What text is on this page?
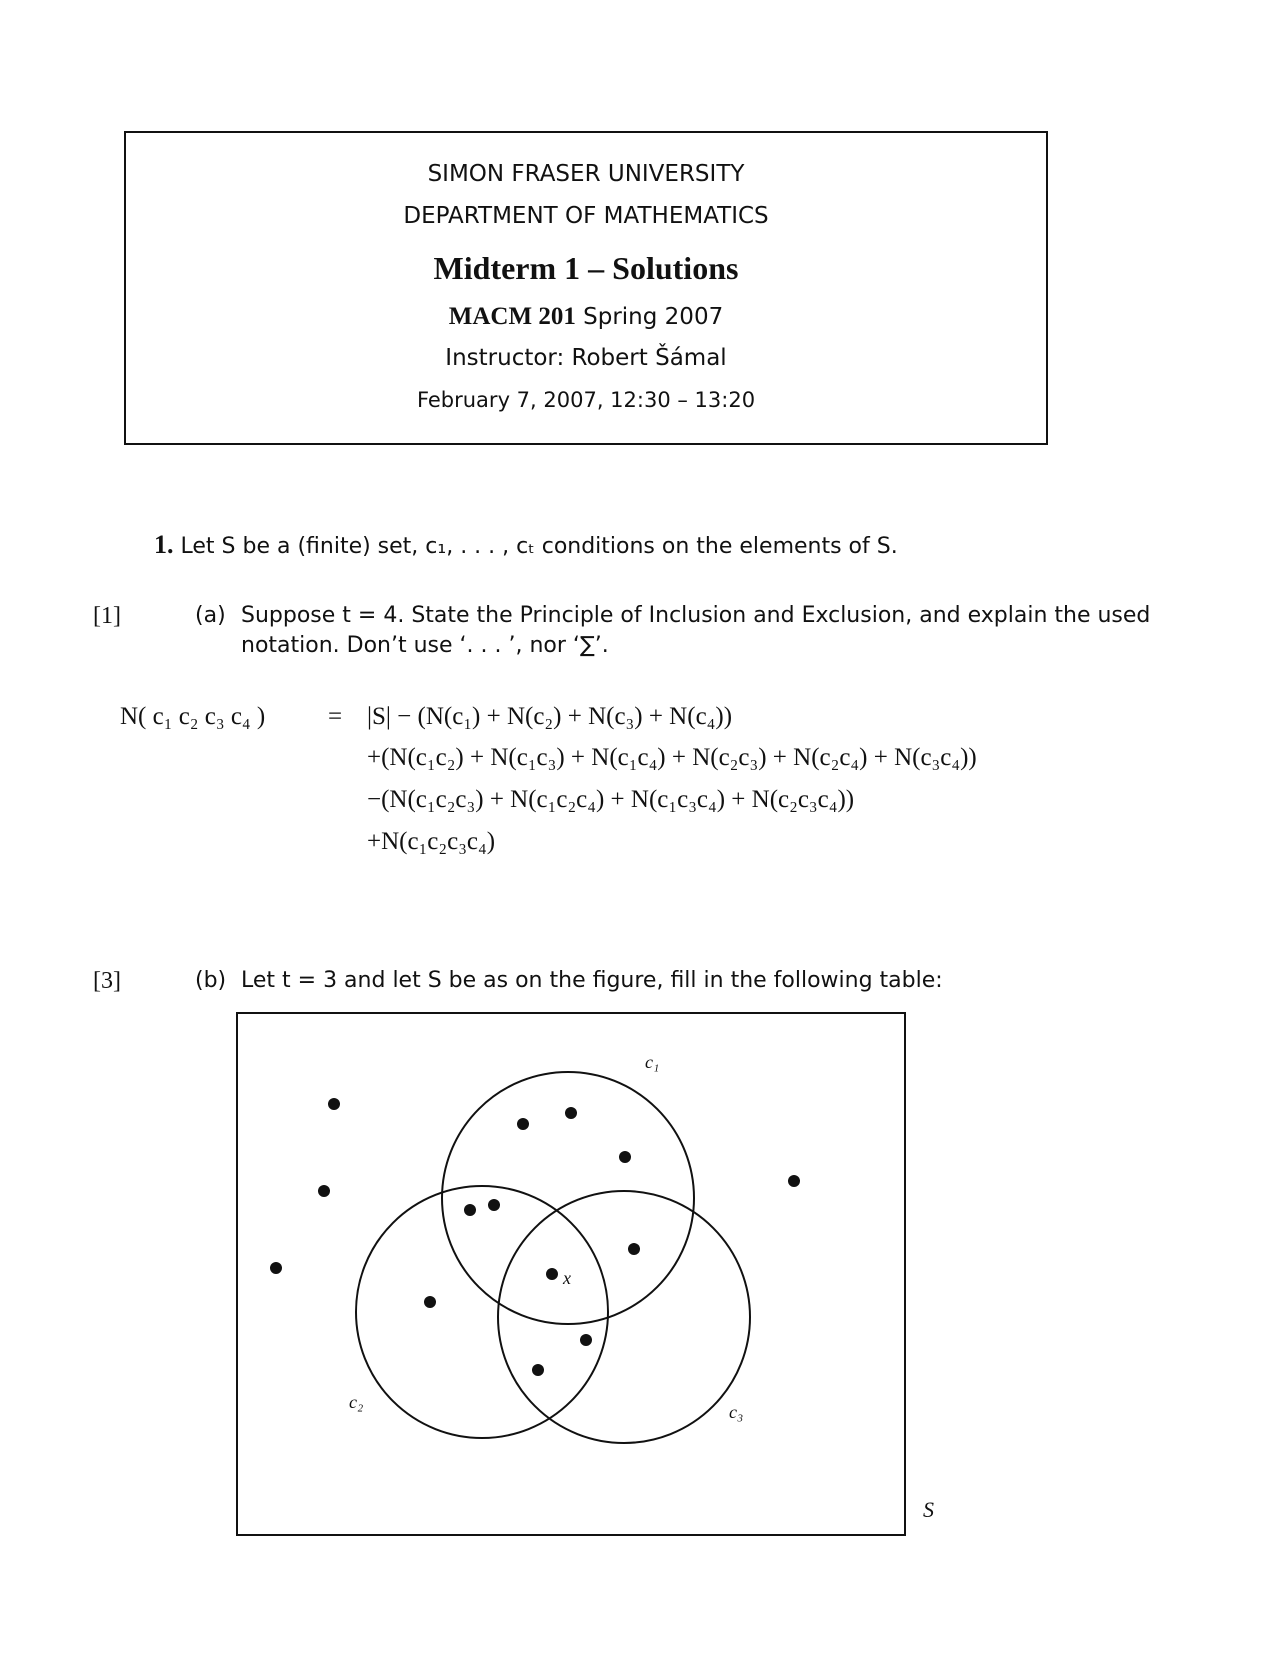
SIMON FRASER UNIVERSITY
DEPARTMENT OF MATHEMATICS
Midterm 1 – Solutions
MACM 201 Spring 2007
Instructor: Robert Šámal
February 7, 2007, 12:30 – 13:20
1. Let S be a (finite) set, c₁, . . . , cₜ conditions on the elements of S.
[1]	(a) Suppose t = 4. State the Principle of Inclusion and Exclusion, and explain the used
notation. Don’t use ‘. . . ’, nor ‘∑’.
N( c₁ c₂ c₃ c₄ )	= |S| − (N(c₁) + N(c₂) + N(c₃) + N(c₄))
+(N(c₁c₂) + N(c₁c₃) + N(c₁c₄) + N(c₂c₃) + N(c₂c₄) + N(c₃c₄))
−(N(c₁c₂c₃) + N(c₁c₂c₄) + N(c₁c₃c₄) + N(c₂c₃c₄))
+N(c₁c₂c₃c₄)
[3]	(b) Let t = 3 and let S be as on the figure, fill in the following table:
c₁
c₂	c₃
x
S
